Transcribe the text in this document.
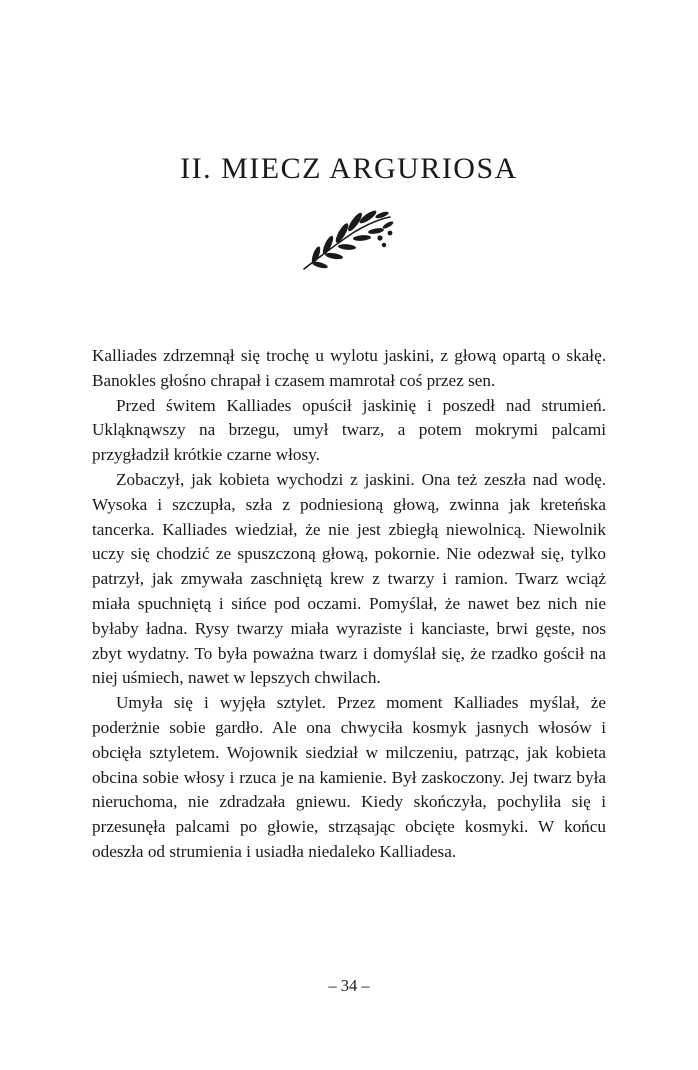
II. MIECZ ARGURIOSA

Kalliades zdrzemnął się trochę u wylotu jaskini, z głową opartą o skałę. Banokles głośno chrapał i czasem mamrotał coś przez sen.

Przed świtem Kalliades opuścił jaskinię i poszedł nad strumień. Ukląknąwszy na brzegu, umył twarz, a potem mokrymi palcami przygładził krótkie czarne włosy.

Zobaczył, jak kobieta wychodzi z jaskini. Ona też zeszła nad wodę. Wysoka i szczupła, szła z podniesioną głową, zwinna jak kreteńska tancerka. Kalliades wiedział, że nie jest zbiegłą niewolnicą. Niewolnik uczy się chodzić ze spuszczoną głową, pokornie. Nie odezwał się, tylko patrzył, jak zmywała zaschniętą krew z twarzy i ramion. Twarz wciąż miała spuchniętą i sińce pod oczami. Pomyślał, że nawet bez nich nie byłaby ładna. Rysy twarzy miała wyraziste i kanciaste, brwi gęste, nos zbyt wydatny. To była poważna twarz i domyślał się, że rzadko gościł na niej uśmiech, nawet w lepszych chwilach.

Umyła się i wyjęła sztylet. Przez moment Kalliades myślał, że poderżnie sobie gardło. Ale ona chwyciła kosmyk jasnych włosów i obcięła sztyletem. Wojownik siedział w milczeniu, patrząc, jak kobieta obcina sobie włosy i rzuca je na kamienie. Był zaskoczony. Jej twarz była nieruchoma, nie zdradzała gniewu. Kiedy skończyła, pochyliła się i przesunęła palcami po głowie, strząsając obcięte kosmyki. W końcu odeszła od strumienia i usiadła niedaleko Kalliadesa.

– 34 –
